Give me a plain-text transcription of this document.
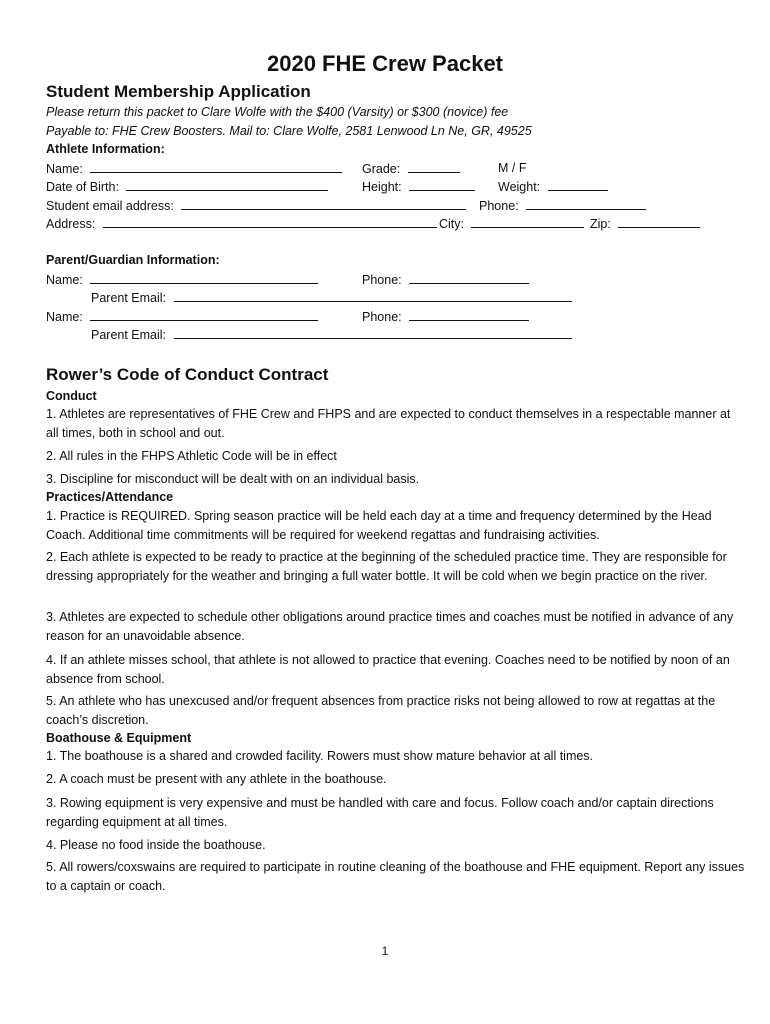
2020 FHE Crew Packet
Student Membership Application
Please return this packet to Clare Wolfe with the $400 (Varsity) or $300 (novice) fee
Payable to: FHE Crew Boosters. Mail to: Clare Wolfe, 2581 Lenwood Ln Ne, GR, 49525
Athlete Information:
Name:	Grade:	M / F
Date of Birth:	Height:	Weight:
Student email address:	Phone:
Address:	City:	Zip:
Parent/Guardian Information:
Name:	Phone:
Parent Email:
Name:	Phone:
Parent Email:
Rower’s Code of Conduct Contract
Conduct
1. Athletes are representatives of FHE Crew and FHPS and are expected to conduct themselves in a respectable manner at all times, both in school and out.
2. All rules in the FHPS Athletic Code will be in effect
3. Discipline for misconduct will be dealt with on an individual basis.
Practices/Attendance
1. Practice is REQUIRED. Spring season practice will be held each day at a time and frequency determined by the Head Coach. Additional time commitments will be required for weekend regattas and fundraising activities.
2. Each athlete is expected to be ready to practice at the beginning of the scheduled practice time. They are responsible for dressing appropriately for the weather and bringing a full water bottle. It will be cold when we begin practice on the river.
3. Athletes are expected to schedule other obligations around practice times and coaches must be notified in advance of any reason for an unavoidable absence.
4. If an athlete misses school, that athlete is not allowed to practice that evening. Coaches need to be notified by noon of an absence from school.
5. An athlete who has unexcused and/or frequent absences from practice risks not being allowed to row at regattas at the coach’s discretion.
Boathouse & Equipment
1. The boathouse is a shared and crowded facility. Rowers must show mature behavior at all times.
2. A coach must be present with any athlete in the boathouse.
3. Rowing equipment is very expensive and must be handled with care and focus. Follow coach and/or captain directions regarding equipment at all times.
4. Please no food inside the boathouse.
5. All rowers/coxswains are required to participate in routine cleaning of the boathouse and FHE equipment. Report any issues to a captain or coach.
1
